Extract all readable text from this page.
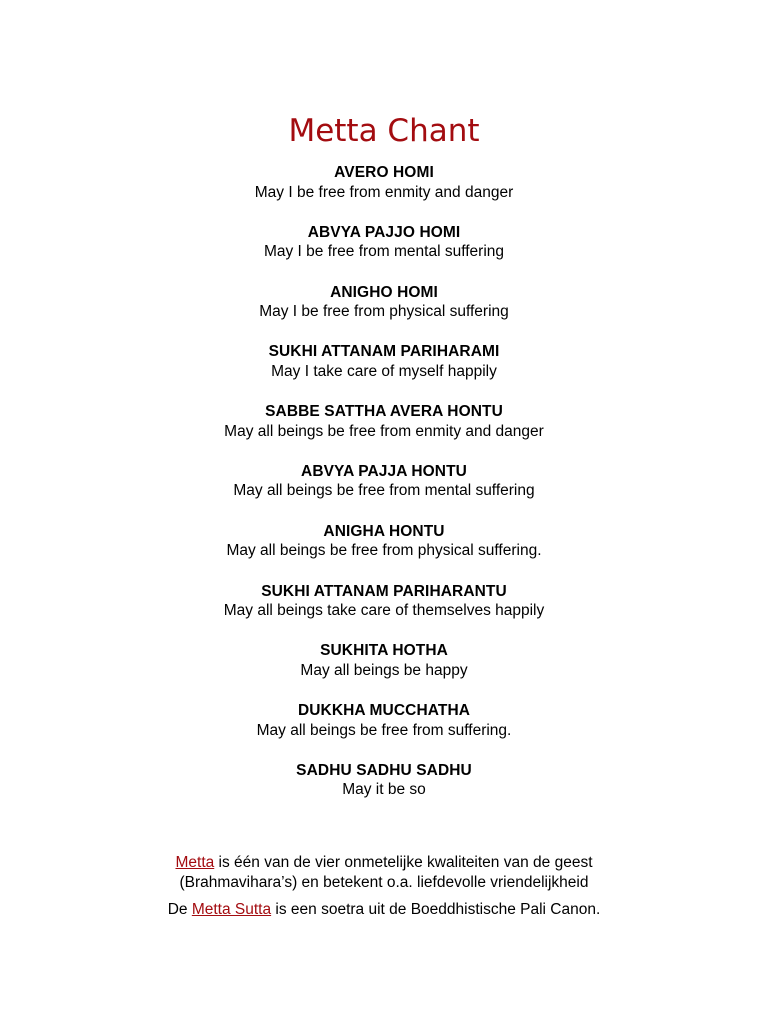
Metta Chant
AVERO HOMI
May I be free from enmity and danger
ABVYA PAJJO HOMI
May I be free from mental suffering
ANIGHO HOMI
May I be free from physical suffering
SUKHI ATTANAM PARIHARAMI
May I take care of myself happily
SABBE SATTHA AVERA HONTU
May all beings be free from enmity and danger
ABVYA PAJJA HONTU
May all beings be free from mental suffering
ANIGHA HONTU
May all beings be free from physical suffering.
SUKHI ATTANAM PARIHARANTU
May all beings take care of themselves happily
SUKHITA HOTHA
May all beings be happy
DUKKHA MUCCHATHA
May all beings be free from suffering.
SADHU SADHU SADHU
May it be so

Metta is één van de vier onmetelijke kwaliteiten van de geest
(Brahmavihara’s) en betekent o.a. liefdevolle vriendelijkheid

De Metta Sutta is een soetra uit de Boeddhistische Pali Canon.
